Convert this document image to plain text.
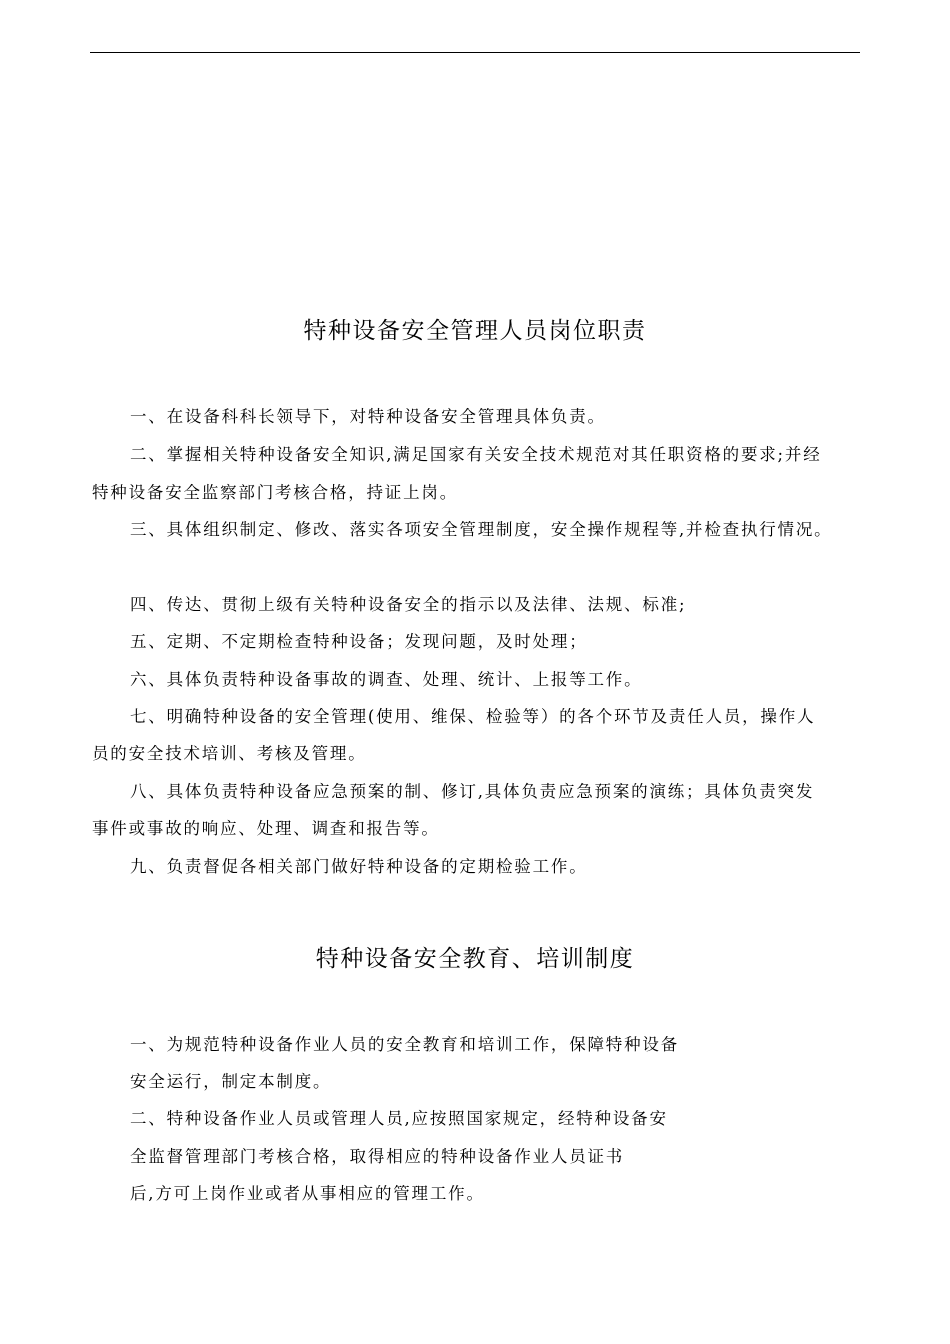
特种设备安全管理人员岗位职责
一、在设备科科长领导下，对特种设备安全管理具体负责。
二、掌握相关特种设备安全知识,满足国家有关安全技术规范对其任职资格的要求;并经
特种设备安全监察部门考核合格，持证上岗。
三、具体组织制定、修改、落实各项安全管理制度，安全操作规程等,并检查执行情况。
四、传达、贯彻上级有关特种设备安全的指示以及法律、法规、标准;
五、定期、不定期检查特种设备；发现问题，及时处理；
六、具体负责特种设备事故的调查、处理、统计、上报等工作。
七、明确特种设备的安全管理(使用、维保、检验等）的各个环节及责任人员，操作人
员的安全技术培训、考核及管理。
八、具体负责特种设备应急预案的制、修订,具体负责应急预案的演练；具体负责突发
事件或事故的响应、处理、调查和报告等。
九、负责督促各相关部门做好特种设备的定期检验工作。
特种设备安全教育、培训制度
一、为规范特种设备作业人员的安全教育和培训工作，保障特种设备
安全运行，制定本制度。
二、特种设备作业人员或管理人员,应按照国家规定，经特种设备安
全监督管理部门考核合格，取得相应的特种设备作业人员证书
后,方可上岗作业或者从事相应的管理工作。
